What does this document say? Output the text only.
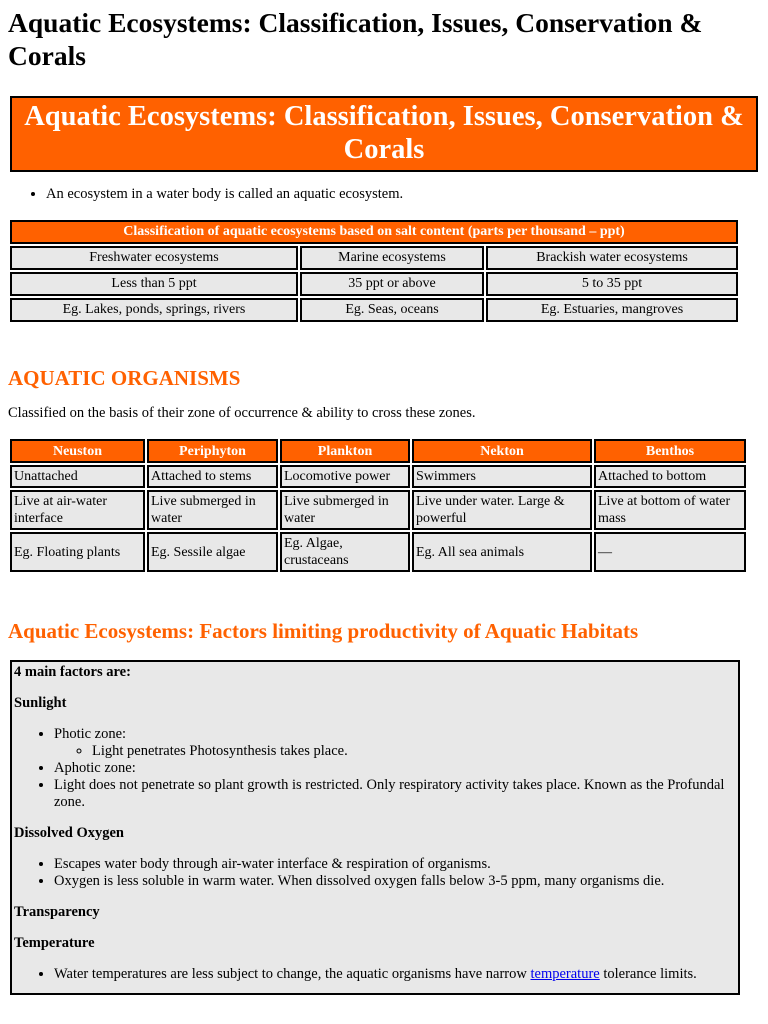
Aquatic Ecosystems: Classification, Issues, Conservation & Corals
Aquatic Ecosystems: Classification, Issues, Conservation & Corals
• An ecosystem in a water body is called an aquatic ecosystem.
Classification of aquatic ecosystems based on salt content (parts per thousand – ppt)		
Freshwater ecosystems	Marine ecosystems	Brackish water ecosystems
Less than 5 ppt	35 ppt or above	5 to 35 ppt
Eg. Lakes, ponds, springs, rivers	Eg. Seas, oceans	Eg. Estuaries, mangroves
AQUATIC ORGANISMS

Classified on the basis of their zone of occurrence & ability to cross these zones.

Neuston	Periphyton	Plankton	Nekton	Benthos
Unattached	Attached to stems	Locomotive power	Swimmers	Attached to bottom
Live at air-water interface	Live submerged in water	Live submerged in water	Live under water. Large & powerful	Live at bottom of water mass
Eg. Floating plants	Eg. Sessile algae	Eg. Algae, crustaceans	Eg. All sea animals	—
Aquatic Ecosystems: Factors limiting productivity of Aquatic Habitats

4 main factors are:

Sunlight

• Photic zone:
◦ Light penetrates Photosynthesis takes place.
• Aphotic zone:
• Light does not penetrate so plant growth is restricted. Only respiratory activity takes place. Known as the Profundal zone.

Dissolved Oxygen

• Escapes water body through air-water interface & respiration of organisms.
• Oxygen is less soluble in warm water. When dissolved oxygen falls below 3-5 ppm, many organisms die.

Transparency

Temperature

• Water temperatures are less subject to change, the aquatic organisms have narrow temperature tolerance limits.
